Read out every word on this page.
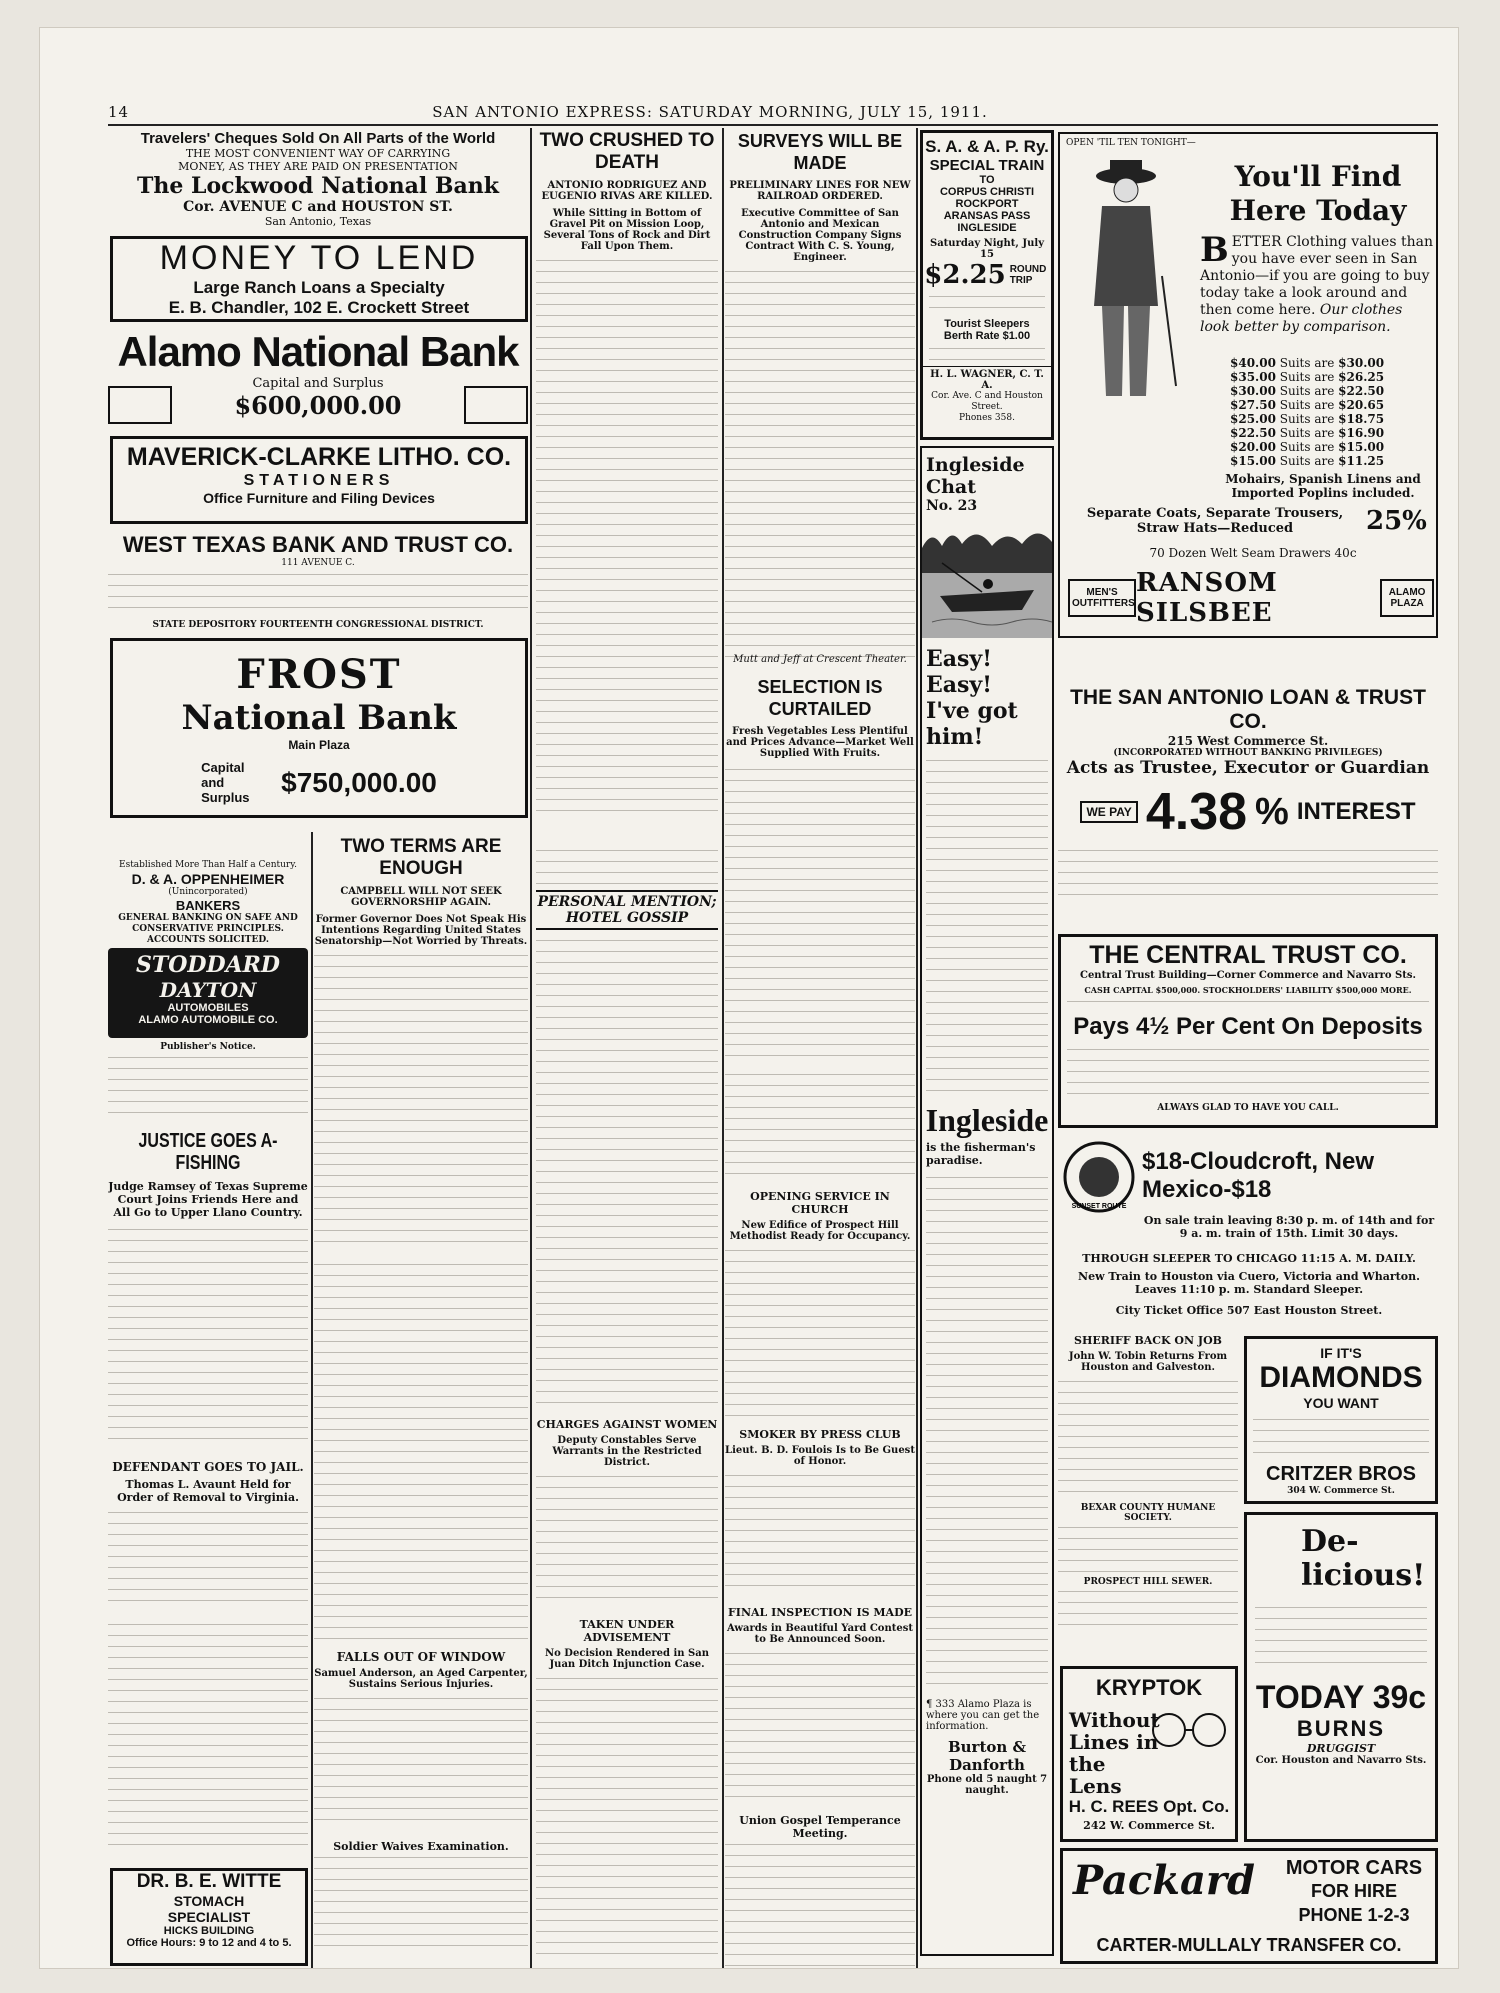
14	SAN ANTONIO EXPRESS: SATURDAY MORNING, JULY 15, 1911.
Travelers' Cheques Sold On All Parts of the World
THE MOST CONVENIENT WAY OF CARRYING
MONEY, AS THEY ARE PAID ON PRESENTATION
The Lockwood National Bank
Cor. AVENUE C and HOUSTON ST.
San Antonio, Texas
MONEY TO LEND
Large Ranch Loans a Specialty
E. B. Chandler, 102 E. Crockett Street
Alamo National Bank
Capital and Surplus
$600,000.00
MAVERICK-CLARKE LITHO. CO.
STATIONERS
Office Furniture and Filing Devices
WEST TEXAS BANK AND TRUST CO.
111 AVENUE C.
STATE DEPOSITORY FOURTEENTH CONGRESSIONAL DISTRICT.
FROST
National Bank
Main Plaza
Capital and Surplus	$750,000.00
Established More Than Half a Century.
D. & A. OPPENHEIMER
(Unincorporated)
BANKERS
GENERAL BANKING ON SAFE AND CONSERVATIVE PRINCIPLES. ACCOUNTS SOLICITED.
STODDARD
DAYTON
AUTOMOBILES
ALAMO AUTOMOBILE CO.
Publisher's Notice.
JUSTICE GOES A-FISHING
Judge Ramsey of Texas Supreme Court Joins Friends Here and All Go to Upper Llano Country.
DEFENDANT GOES TO JAIL.
Thomas L. Avaunt Held for Order of Removal to Virginia.
DR. B. E. WITTE
STOMACH
SPECIALIST
HICKS BUILDING
Office Hours: 9 to 12 and 4 to 5.
TWO CRUSHED TO DEATH
ANTONIO RODRIGUEZ AND EUGENIO RIVAS ARE KILLED.
While Sitting in Bottom of Gravel Pit on Mission Loop, Several Tons of Rock and Dirt Fall Upon Them.
TWO TERMS ARE ENOUGH
CAMPBELL WILL NOT SEEK GOVERNORSHIP AGAIN.
Former Governor Does Not Speak His Intentions Regarding United States Senatorship—Not Worried by Threats.
FALLS OUT OF WINDOW
Samuel Anderson, an Aged Carpenter, Sustains Serious Injuries.
Soldier Waives Examination.
SURVEYS WILL BE MADE
PRELIMINARY LINES FOR NEW RAILROAD ORDERED.
Executive Committee of San Antonio and Mexican Construction Company Signs Contract With C. S. Young, Engineer.
Mutt and Jeff at Crescent Theater.
SELECTION IS CURTAILED
Fresh Vegetables Less Plentiful and Prices Advance—Market Well Supplied With Fruits.
PERSONAL MENTION; HOTEL GOSSIP
CHARGES AGAINST WOMEN
Deputy Constables Serve Warrants in the Restricted District.
TAKEN UNDER ADVISEMENT
No Decision Rendered in San Juan Ditch Injunction Case.
OPENING SERVICE IN CHURCH
New Edifice of Prospect Hill Methodist Ready for Occupancy.
SMOKER BY PRESS CLUB
Lieut. B. D. Foulois Is to Be Guest of Honor.
FINAL INSPECTION IS MADE
Awards in Beautiful Yard Contest to Be Announced Soon.
Union Gospel Temperance Meeting.
S. A. & A. P. Ry.
SPECIAL TRAIN
TO
CORPUS CHRISTI
ROCKPORT
ARANSAS PASS
INGLESIDE
Saturday Night, July 15
$2.25 ROUND TRIP
Tourist Sleepers
Berth Rate $1.00
H. L. WAGNER, C. T. A.
Cor. Ave. C and Houston Street.
Phones 358.
Ingleside Chat
No. 23
Easy! Easy!
I've got him!
Ingleside
is the fisherman's paradise.
¶ 333 Alamo Plaza is where you can get the information.
Burton & Danforth
Phone old 5 naught 7 naught.
OPEN 'TIL TEN TONIGHT—
You'll Find
Here Today
B ETTER Clothing values than you have ever seen in San Antonio—if you are going to buy today take a look around and then come here. Our clothes look better by comparison.
$40.00 Suits are $30.00
$35.00 Suits are $26.25
$30.00 Suits are $22.50
$27.50 Suits are $20.65
$25.00 Suits are $18.75
$22.50 Suits are $16.90
$20.00 Suits are $15.00
$15.00 Suits are $11.25
Mohairs, Spanish Linens and Imported Poplins included.
Separate Coats, Separate Trousers, Straw Hats—Reduced	25%
70 Dozen Welt Seam Drawers 40c
MEN'S OUTFITTERS
RANSOM SILSBEE
ALAMO PLAZA
THE SAN ANTONIO LOAN & TRUST CO.
215 West Commerce St.
(INCORPORATED WITHOUT BANKING PRIVILEGES)
Acts as Trustee, Executor or Guardian
WE PAY 4.38 % INTEREST
THE CENTRAL TRUST CO.
Central Trust Building—Corner Commerce and Navarro Sts.
CASH CAPITAL $500,000. STOCKHOLDERS' LIABILITY $500,000 MORE.
Pays 4½ Per Cent On Deposits
ALWAYS GLAD TO HAVE YOU CALL.
SUNSET ROUTE
$18-Cloudcroft, New Mexico-$18
On sale train leaving 8:30 p. m. of 14th and for 9 a. m. train of 15th. Limit 30 days.
THROUGH SLEEPER TO CHICAGO 11:15 A. M. DAILY.
New Train to Houston via Cuero, Victoria and Wharton. Leaves 11:10 p. m. Standard Sleeper.
City Ticket Office 507 East Houston Street.
SHERIFF BACK ON JOB
John W. Tobin Returns From Houston and Galveston.
BEXAR COUNTY HUMANE SOCIETY.
PROSPECT HILL SEWER.
KRYPTOK
Without Lines in the Lens
H. C. REES Opt. Co.
242 W. Commerce St.
IF IT'S
DIAMONDS
YOU WANT
CRITZER BROS
304 W. Commerce St.
De-licious!
TODAY 39c
BURNS
DRUGGIST
Cor. Houston and Navarro Sts.
Packard	MOTOR CARS
FOR HIRE
PHONE 1-2-3
CARTER-MULLALY TRANSFER CO.
